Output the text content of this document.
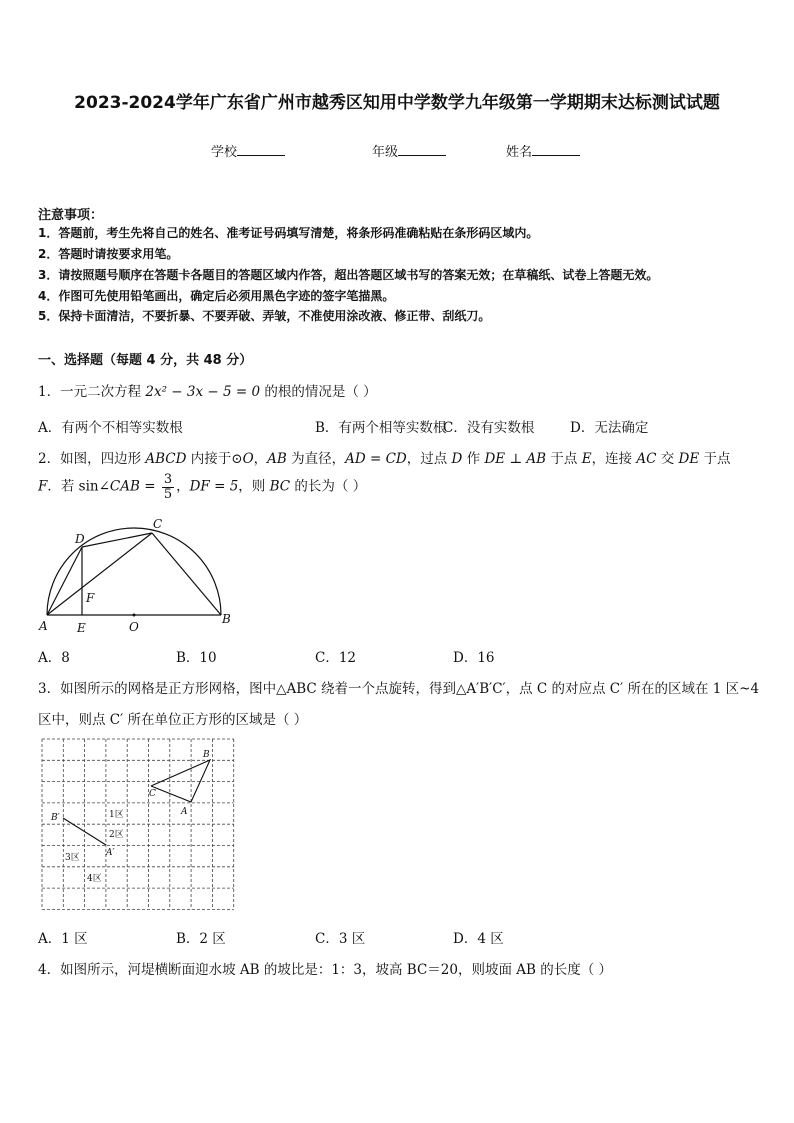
2023-2024学年广东省广州市越秀区知用中学数学九年级第一学期期末达标测试试题
学校	年级	姓名
注意事项：
1．答题前，考生先将自己的姓名、准考证号码填写清楚，将条形码准确粘贴在条形码区域内。
2．答题时请按要求用笔。
3．请按照题号顺序在答题卡各题目的答题区域内作答，超出答题区域书写的答案无效；在草稿纸、试卷上答题无效。
4．作图可先使用铅笔画出，确定后必须用黑色字迹的签字笔描黑。
5．保持卡面清洁，不要折暴、不要弄破、弄皱，不准使用涂改液、修正带、刮纸刀。
一、选择题（每题 4 分，共 48 分）
1．一元二次方程 2x² − 3x − 5 = 0 的根的情况是（ ）
A．有两个不相等实数根	B．有两个相等实数根
C．没有实数根	D．无法确定
2．如图，四边形 ABCD 内接于⊙O，AB 为直径，AD = CD，过点 D 作 DE ⊥ AB 于点 E，连接 AC 交 DE 于点
F．若 sin∠CAB = $\frac{3}{5}$ ，DF = 5，则 BC 的长为（ ）
D
C
F
A E	O
B
A．8	B．10	C．12	D．16
3．如图所示的网格是正方形网格，图中△ABC 绕着一个点旋转，得到△A′B′C′，点 C 的对应点 C′ 所在的区域在 1 区~4
区中，则点 C′ 所在单位正方形的区域是（ ）
B
C
A
B′
A′
1区
2区
3区
4区
A．1 区	B．2 区	C．3 区	D．4 区
4．如图所示，河堤横断面迎水坡 AB 的坡比是：1：3，坡高 BC＝20，则坡面 AB 的长度（ ）
